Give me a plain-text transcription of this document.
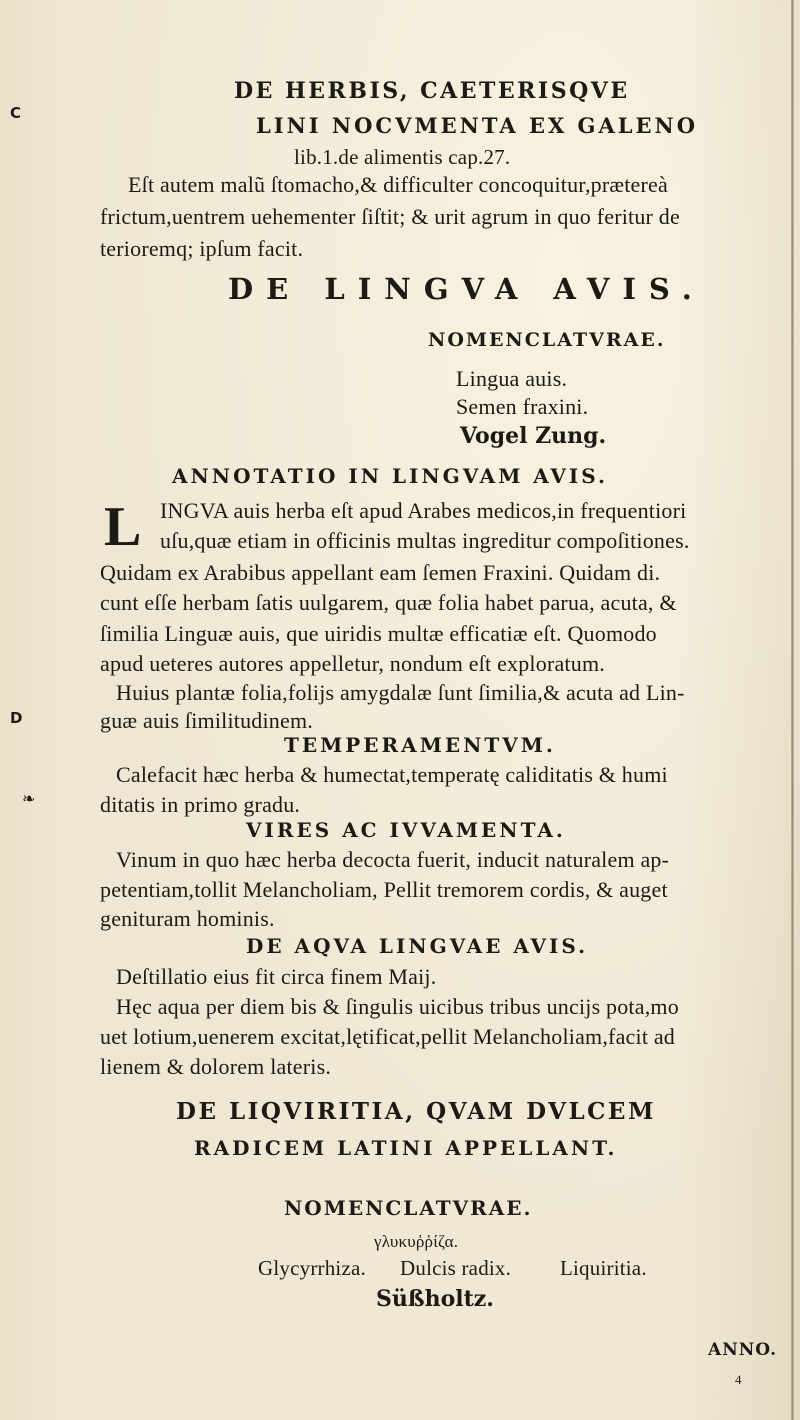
C
D
❧
DE HERBIS, CAETERISQVE
LINI NOCVMENTA EX GALENO
lib.1.de alimentis cap.27.
Eſt autem malũ ſtomacho,& difficulter concoquitur,prætereà
frictum,uentrem uehementer ſiſtit; & urit agrum in quo feritur de
terioremq; ipſum facit.
DE LINGVA AVIS.
NOMENCLATVRAE.
Lingua auis.
Semen fraxini.
Vogel Zung.
ANNOTATIO IN LINGVAM AVIS.
L INGVA auis herba eſt apud Arabes medicos,in frequentiori
uſu,quæ etiam in officinis multas ingreditur compoſitiones.
Quidam ex Arabibus appellant eam ſemen Fraxini. Quidam di.
cunt eſſe herbam ſatis uulgarem, quæ folia habet parua, acuta, &
ſimilia Linguæ auis, que uiridis multæ efficatiæ eſt. Quomodo
apud ueteres autores appelletur, nondum eſt exploratum.
Huius plantæ folia,folijs amygdalæ ſunt ſimilia,& acuta ad Lin-
guæ auis ſimilitudinem.
TEMPERAMENTVM.
Calefacit hæc herba & humectat,temperatę caliditatis & humi
ditatis in primo gradu.
VIRES AC IVVAMENTA.
Vinum in quo hæc herba decocta fuerit, inducit naturalem ap-
petentiam,tollit Melancholiam, Pellit tremorem cordis, & auget
genituram hominis.
DE AQVA LINGVAE AVIS.
Deſtillatio eius fit circa finem Maij.
Hęc aqua per diem bis & ſingulis uicibus tribus uncijs pota,mo
uet lotium,uenerem excitat,lętificat,pellit Melancholiam,facit ad
lienem & dolorem lateris.
DE LIQVIRITIA, QVAM DVLCEM
RADICEM LATINI APPELLANT.
NOMENCLATVRAE.
γλυκυῤῥίζα.
Glycyrrhiza. Dulcis radix. Liquiritia.
Süßholtz.
ANNO.
4
